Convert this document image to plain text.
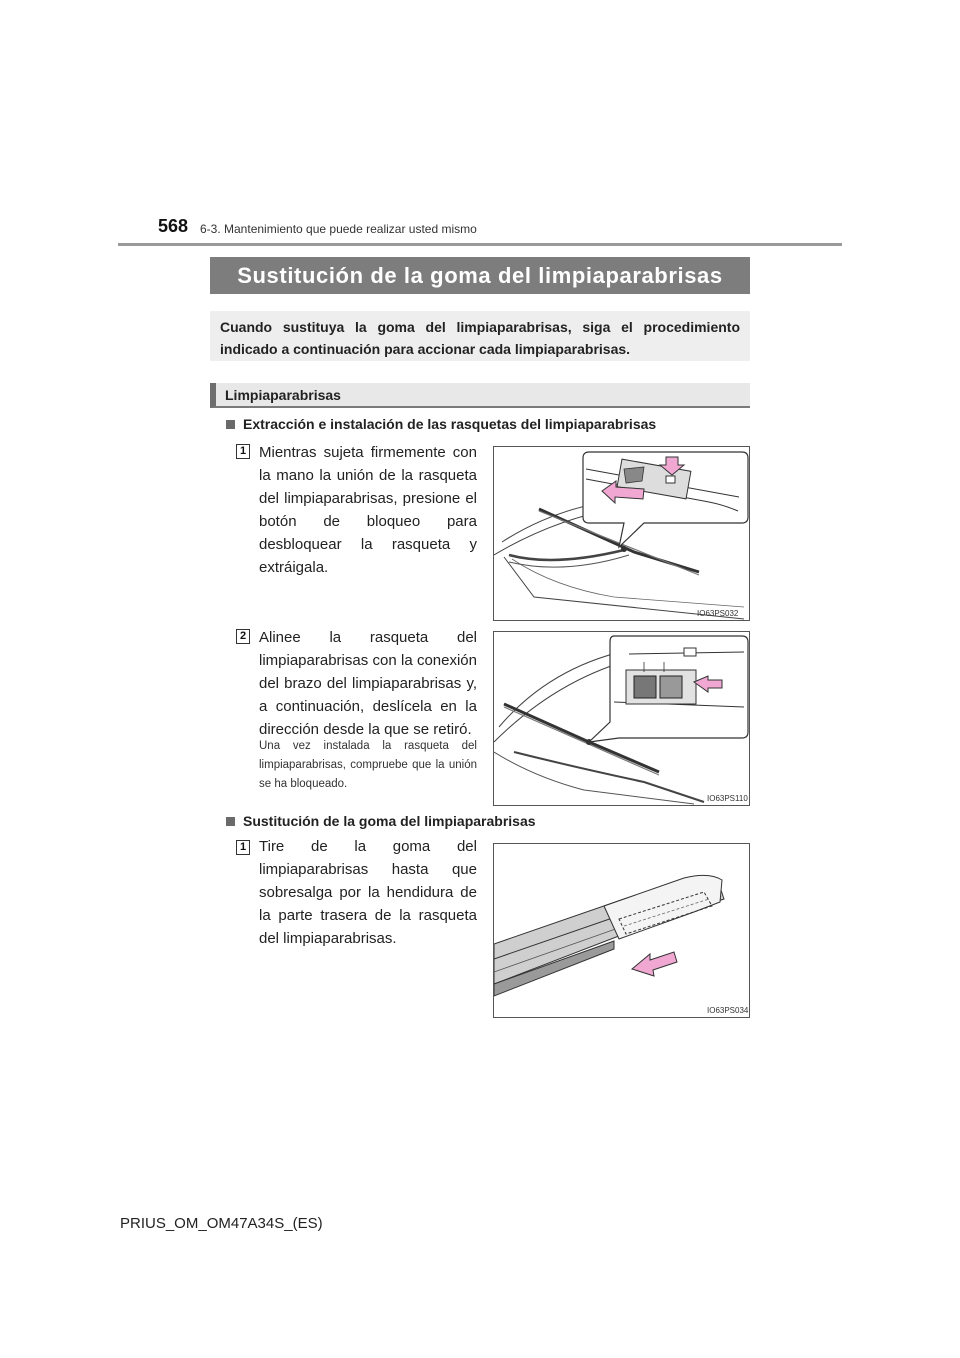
568 6-3. Mantenimiento que puede realizar usted mismo
Sustitución de la goma del limpiaparabrisas
Cuando sustituya la goma del limpiaparabrisas, siga el procedimiento indicado a continuación para accionar cada limpiaparabrisas.
Limpiaparabrisas
Extracción e instalación de las rasquetas del limpiaparabrisas
1 Mientras sujeta firmemente con la mano la unión de la rasqueta del limpiaparabrisas, presione el botón de bloqueo para desbloquear la rasqueta y extráigala.
IO63PS032
2 Alinee la rasqueta del limpiaparabrisas con la conexión del brazo del limpiaparabrisas y, a continuación, deslícela en la dirección desde la que se retiró.
Una vez instalada la rasqueta del limpiaparabrisas, compruebe que la unión se ha bloqueado.
IO63PS110
Sustitución de la goma del limpiaparabrisas
1 Tire de la goma del limpiaparabrisas hasta que sobresalga por la hendidura de la parte trasera de la rasqueta del limpiaparabrisas.
IO63PS034
PRIUS_OM_OM47A34S_(ES)
